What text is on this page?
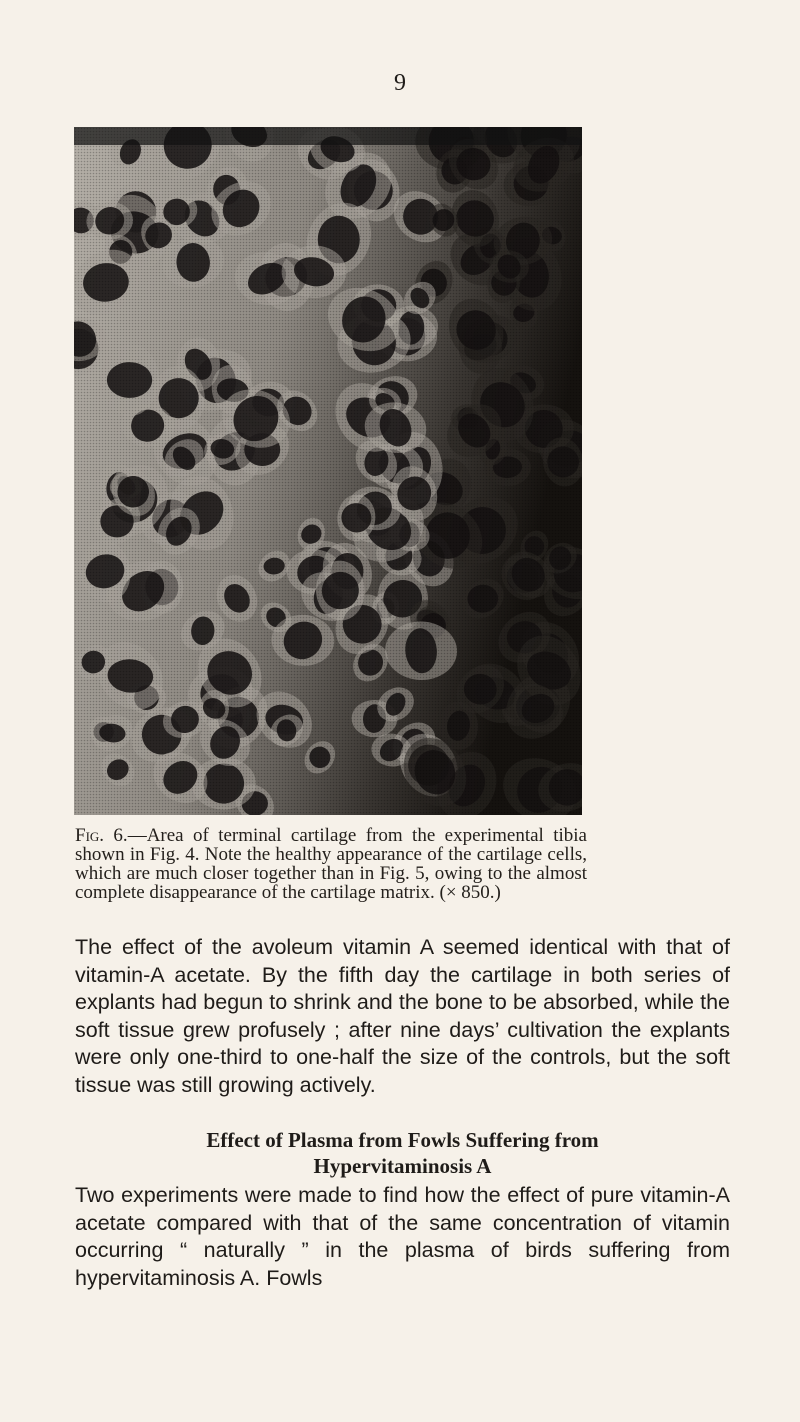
9
Fig. 6.—Area of terminal cartilage from the experimental tibia shown in Fig. 4. Note the healthy appearance of the cartilage cells, which are much closer together than in Fig. 5, owing to the almost complete disappearance of the cartilage matrix. (× 850.)
The effect of the avoleum vitamin A seemed identical with that of vitamin-A acetate. By the fifth day the cartilage in both series of explants had begun to shrink and the bone to be absorbed, while the soft tissue grew profusely ; after nine days’ cultivation the explants were only one-third to one-half the size of the controls, but the soft tissue was still growing actively.
Effect of Plasma from Fowls Suffering from
Hypervitaminosis A
Two experiments were made to find how the effect of pure vitamin-A acetate compared with that of the same concentration of vitamin occurring “ naturally ” in the plasma of birds suffering from hypervitaminosis A. Fowls
